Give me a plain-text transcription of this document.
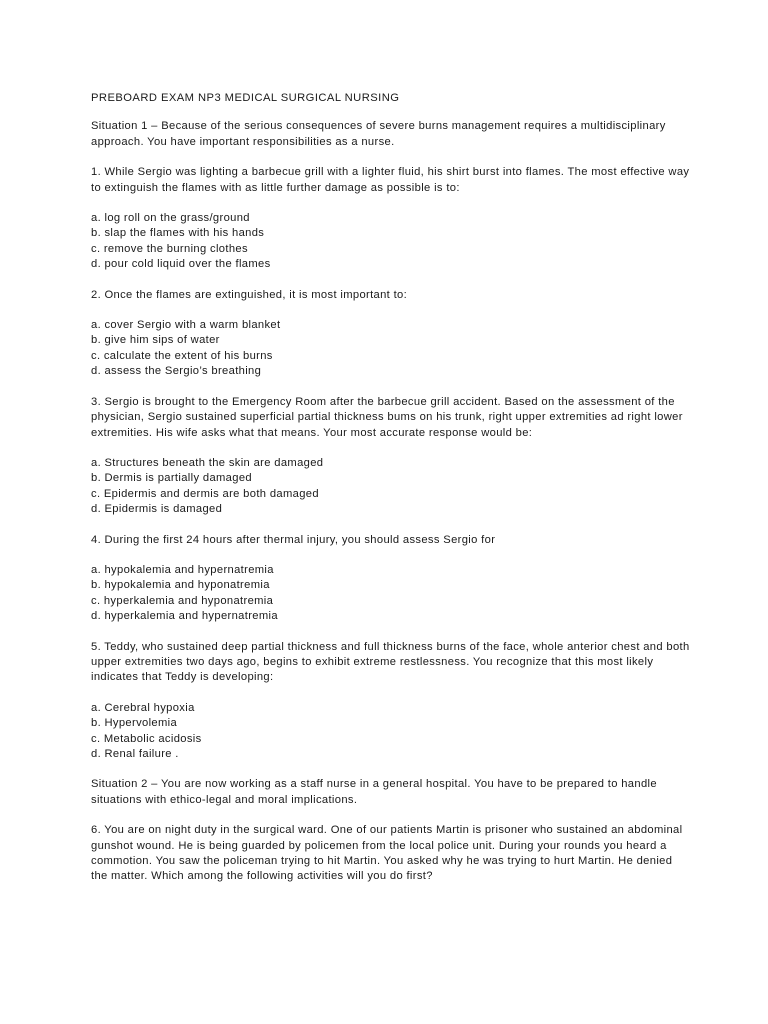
PREBOARD EXAM NP3 MEDICAL SURGICAL NURSING

Situation 1 – Because of the serious consequences of severe burns management requires a multidisciplinary approach. You have important responsibilities as a nurse.

1. While Sergio was lighting a barbecue grill with a lighter fluid, his shirt burst into flames. The most effective way to extinguish the flames with as little further damage as possible is to:

a. log roll on the grass/ground
b. slap the flames with his hands
c. remove the burning clothes
d. pour cold liquid over the flames

2. Once the flames are extinguished, it is most important to:

a. cover Sergio with a warm blanket
b. give him sips of water
c. calculate the extent of his burns
d. assess the Sergio’s breathing

3. Sergio is brought to the Emergency Room after the barbecue grill accident. Based on the assessment of the physician, Sergio sustained superficial partial thickness bums on his trunk, right upper extremities ad right lower extremities. His wife asks what that means. Your most accurate response would be:

a. Structures beneath the skin are damaged
b. Dermis is partially damaged
c. Epidermis and dermis are both damaged
d. Epidermis is damaged

4. During the first 24 hours after thermal injury, you should assess Sergio for

a. hypokalemia and hypernatremia
b. hypokalemia and hyponatremia
c. hyperkalemia and hyponatremia
d. hyperkalemia and hypernatremia

5. Teddy, who sustained deep partial thickness and full thickness burns of the face, whole anterior chest and both upper extremities two days ago, begins to exhibit extreme restlessness. You recognize that this most likely indicates that Teddy is developing:

a. Cerebral hypoxia
b. Hypervolemia
c. Metabolic acidosis
d. Renal failure .

Situation 2 – You are now working as a staff nurse in a general hospital. You have to be prepared to handle situations with ethico-legal and moral implications.

6. You are on night duty in the surgical ward. One of our patients Martin is prisoner who sustained an abdominal gunshot wound. He is being guarded by policemen from the local police unit. During your rounds you heard a commotion. You saw the policeman trying to hit Martin. You asked why he was trying to hurt Martin. He denied the matter. Which among the following activities will you do first?
